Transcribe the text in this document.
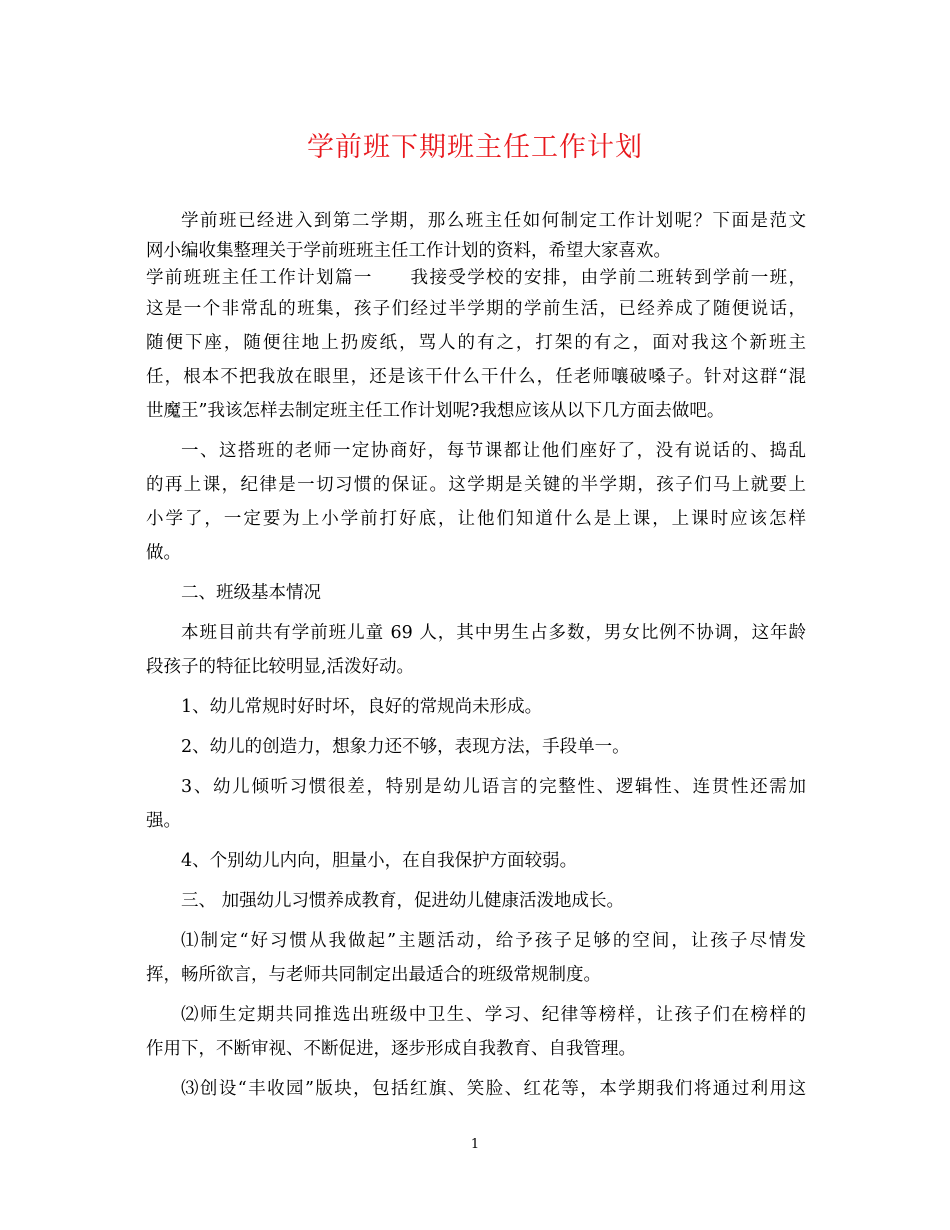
学前班下期班主任工作计划
学前班已经进入到第二学期，那么班主任如何制定工作计划呢？下面是范文
网小编收集整理关于学前班班主任工作计划的资料，希望大家喜欢。
学前班班主任工作计划篇一　　我接受学校的安排，由学前二班转到学前一班，
这是一个非常乱的班集，孩子们经过半学期的学前生活，已经养成了随便说话，
随便下座，随便往地上扔废纸，骂人的有之，打架的有之，面对我这个新班主
任，根本不把我放在眼里，还是该干什么干什么，任老师嚷破嗓子。针对这群“混
世魔王”我该怎样去制定班主任工作计划呢?我想应该从以下几方面去做吧。
一、这搭班的老师一定协商好，每节课都让他们座好了，没有说话的、捣乱
的再上课，纪律是一切习惯的保证。这学期是关键的半学期，孩子们马上就要上
小学了，一定要为上小学前打好底，让他们知道什么是上课，上课时应该怎样
做。
二、班级基本情况
本班目前共有学前班儿童 69 人，其中男生占多数，男女比例不协调，这年龄
段孩子的特征比较明显,活泼好动。
1、幼儿常规时好时坏，良好的常规尚未形成。
2、幼儿的创造力，想象力还不够，表现方法，手段单一。
3、幼儿倾听习惯很差，特别是幼儿语言的完整性、逻辑性、连贯性还需加
强。
4、个别幼儿内向，胆量小，在自我保护方面较弱。
三、 加强幼儿习惯养成教育，促进幼儿健康活泼地成长。
⑴制定“好习惯从我做起”主题活动，给予孩子足够的空间，让孩子尽情发
挥，畅所欲言，与老师共同制定出最适合的班级常规制度。
⑵师生定期共同推选出班级中卫生、学习、纪律等榜样，让孩子们在榜样的
作用下，不断审视、不断促进，逐步形成自我教育、自我管理。
⑶创设“丰收园”版块，包括红旗、笑脸、红花等，本学期我们将通过利用这
1
